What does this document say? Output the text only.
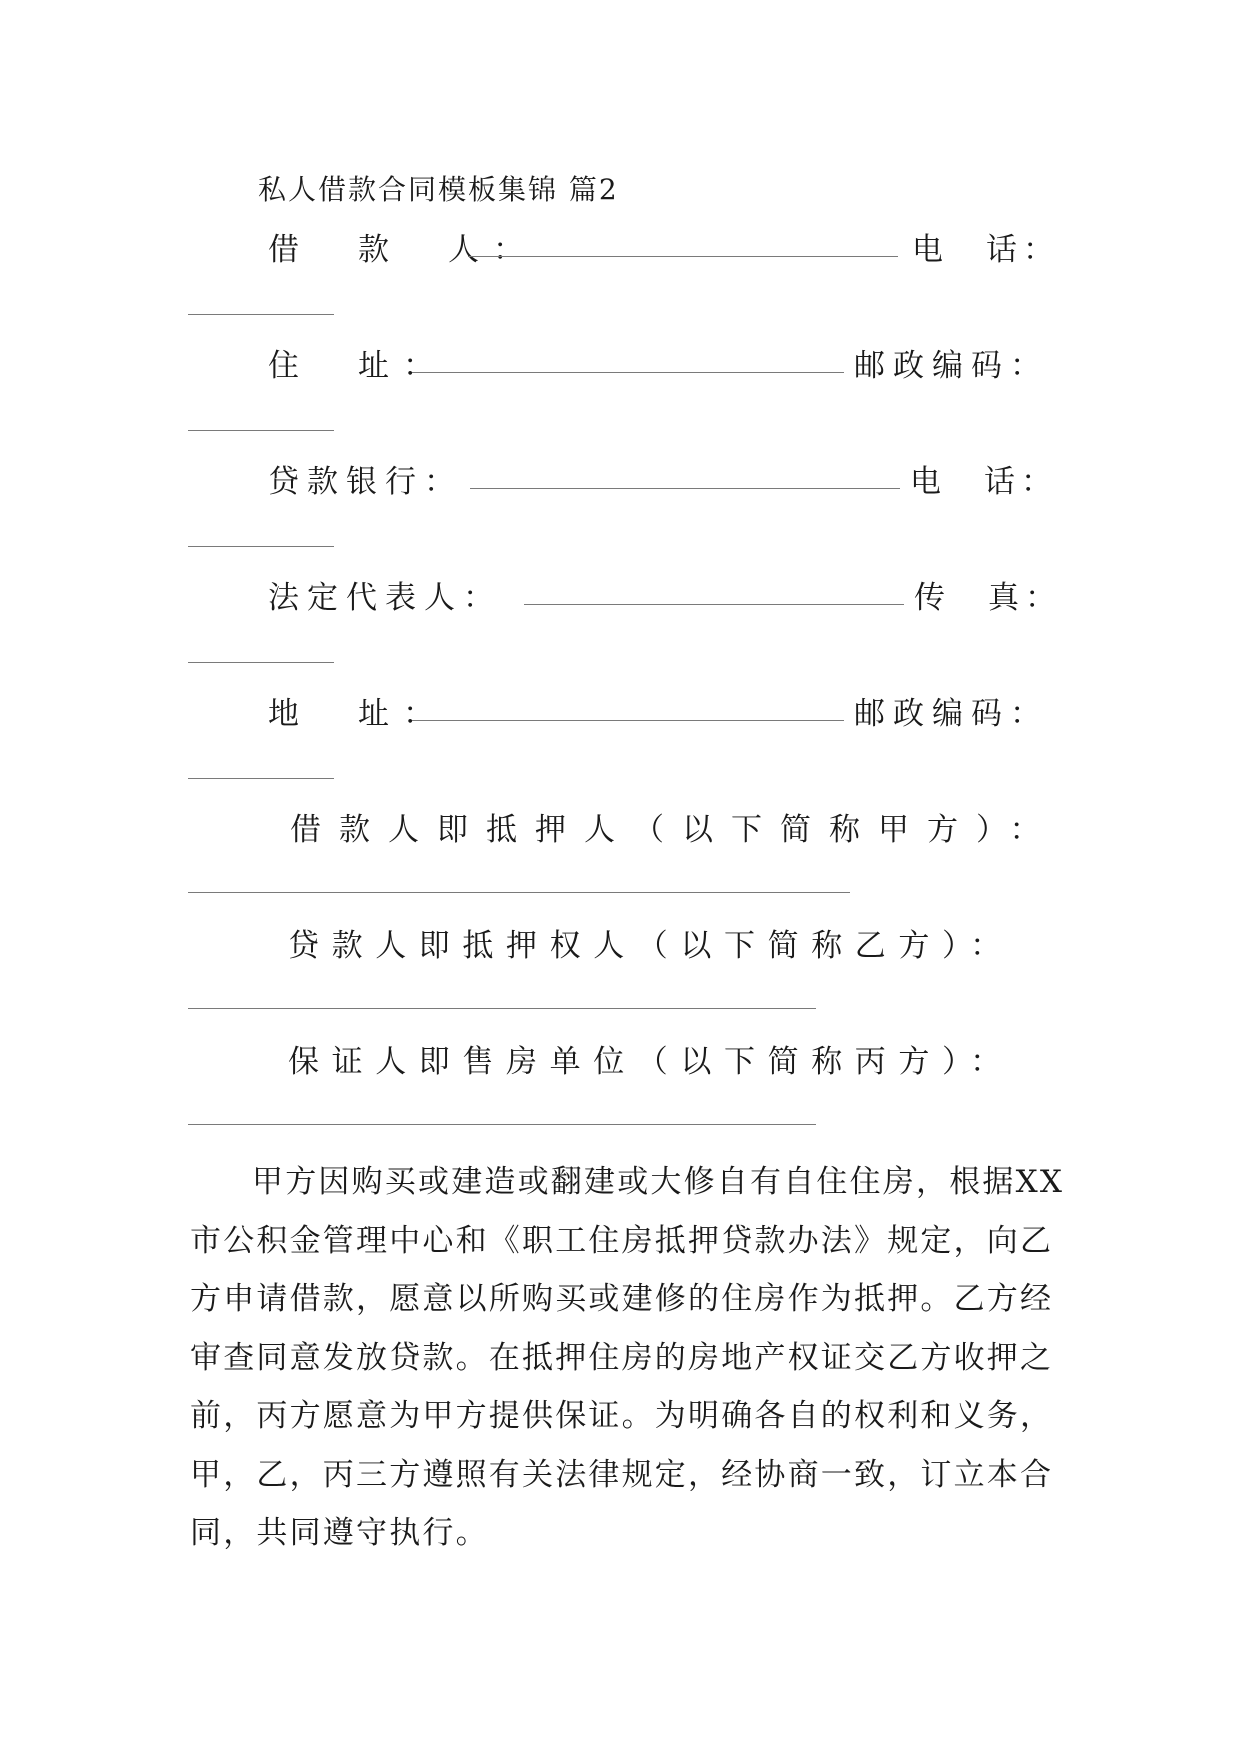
私人借款合同模板集锦 篇2
借　款　人：	电　话：
住　址：	邮政编码：
贷款银行：	电　话：
法定代表人：	传　真：
地　址：	邮政编码：
借款人即抵押人（以下简称甲方）：
贷款人即抵押权人（以下简称乙方）：
保证人即售房单位（以下简称丙方）：

甲方因购买或建造或翻建或大修自有自住住房，根据XX市公积金管理中心和《职工住房抵押贷款办法》规定，向乙方申请借款，愿意以所购买或建修的住房作为抵押。乙方经审查同意发放贷款。在抵押住房的房地产权证交乙方收押之前，丙方愿意为甲方提供保证。为明确各自的权利和义务，甲，乙，丙三方遵照有关法律规定，经协商一致，订立本合同，共同遵守执行。
